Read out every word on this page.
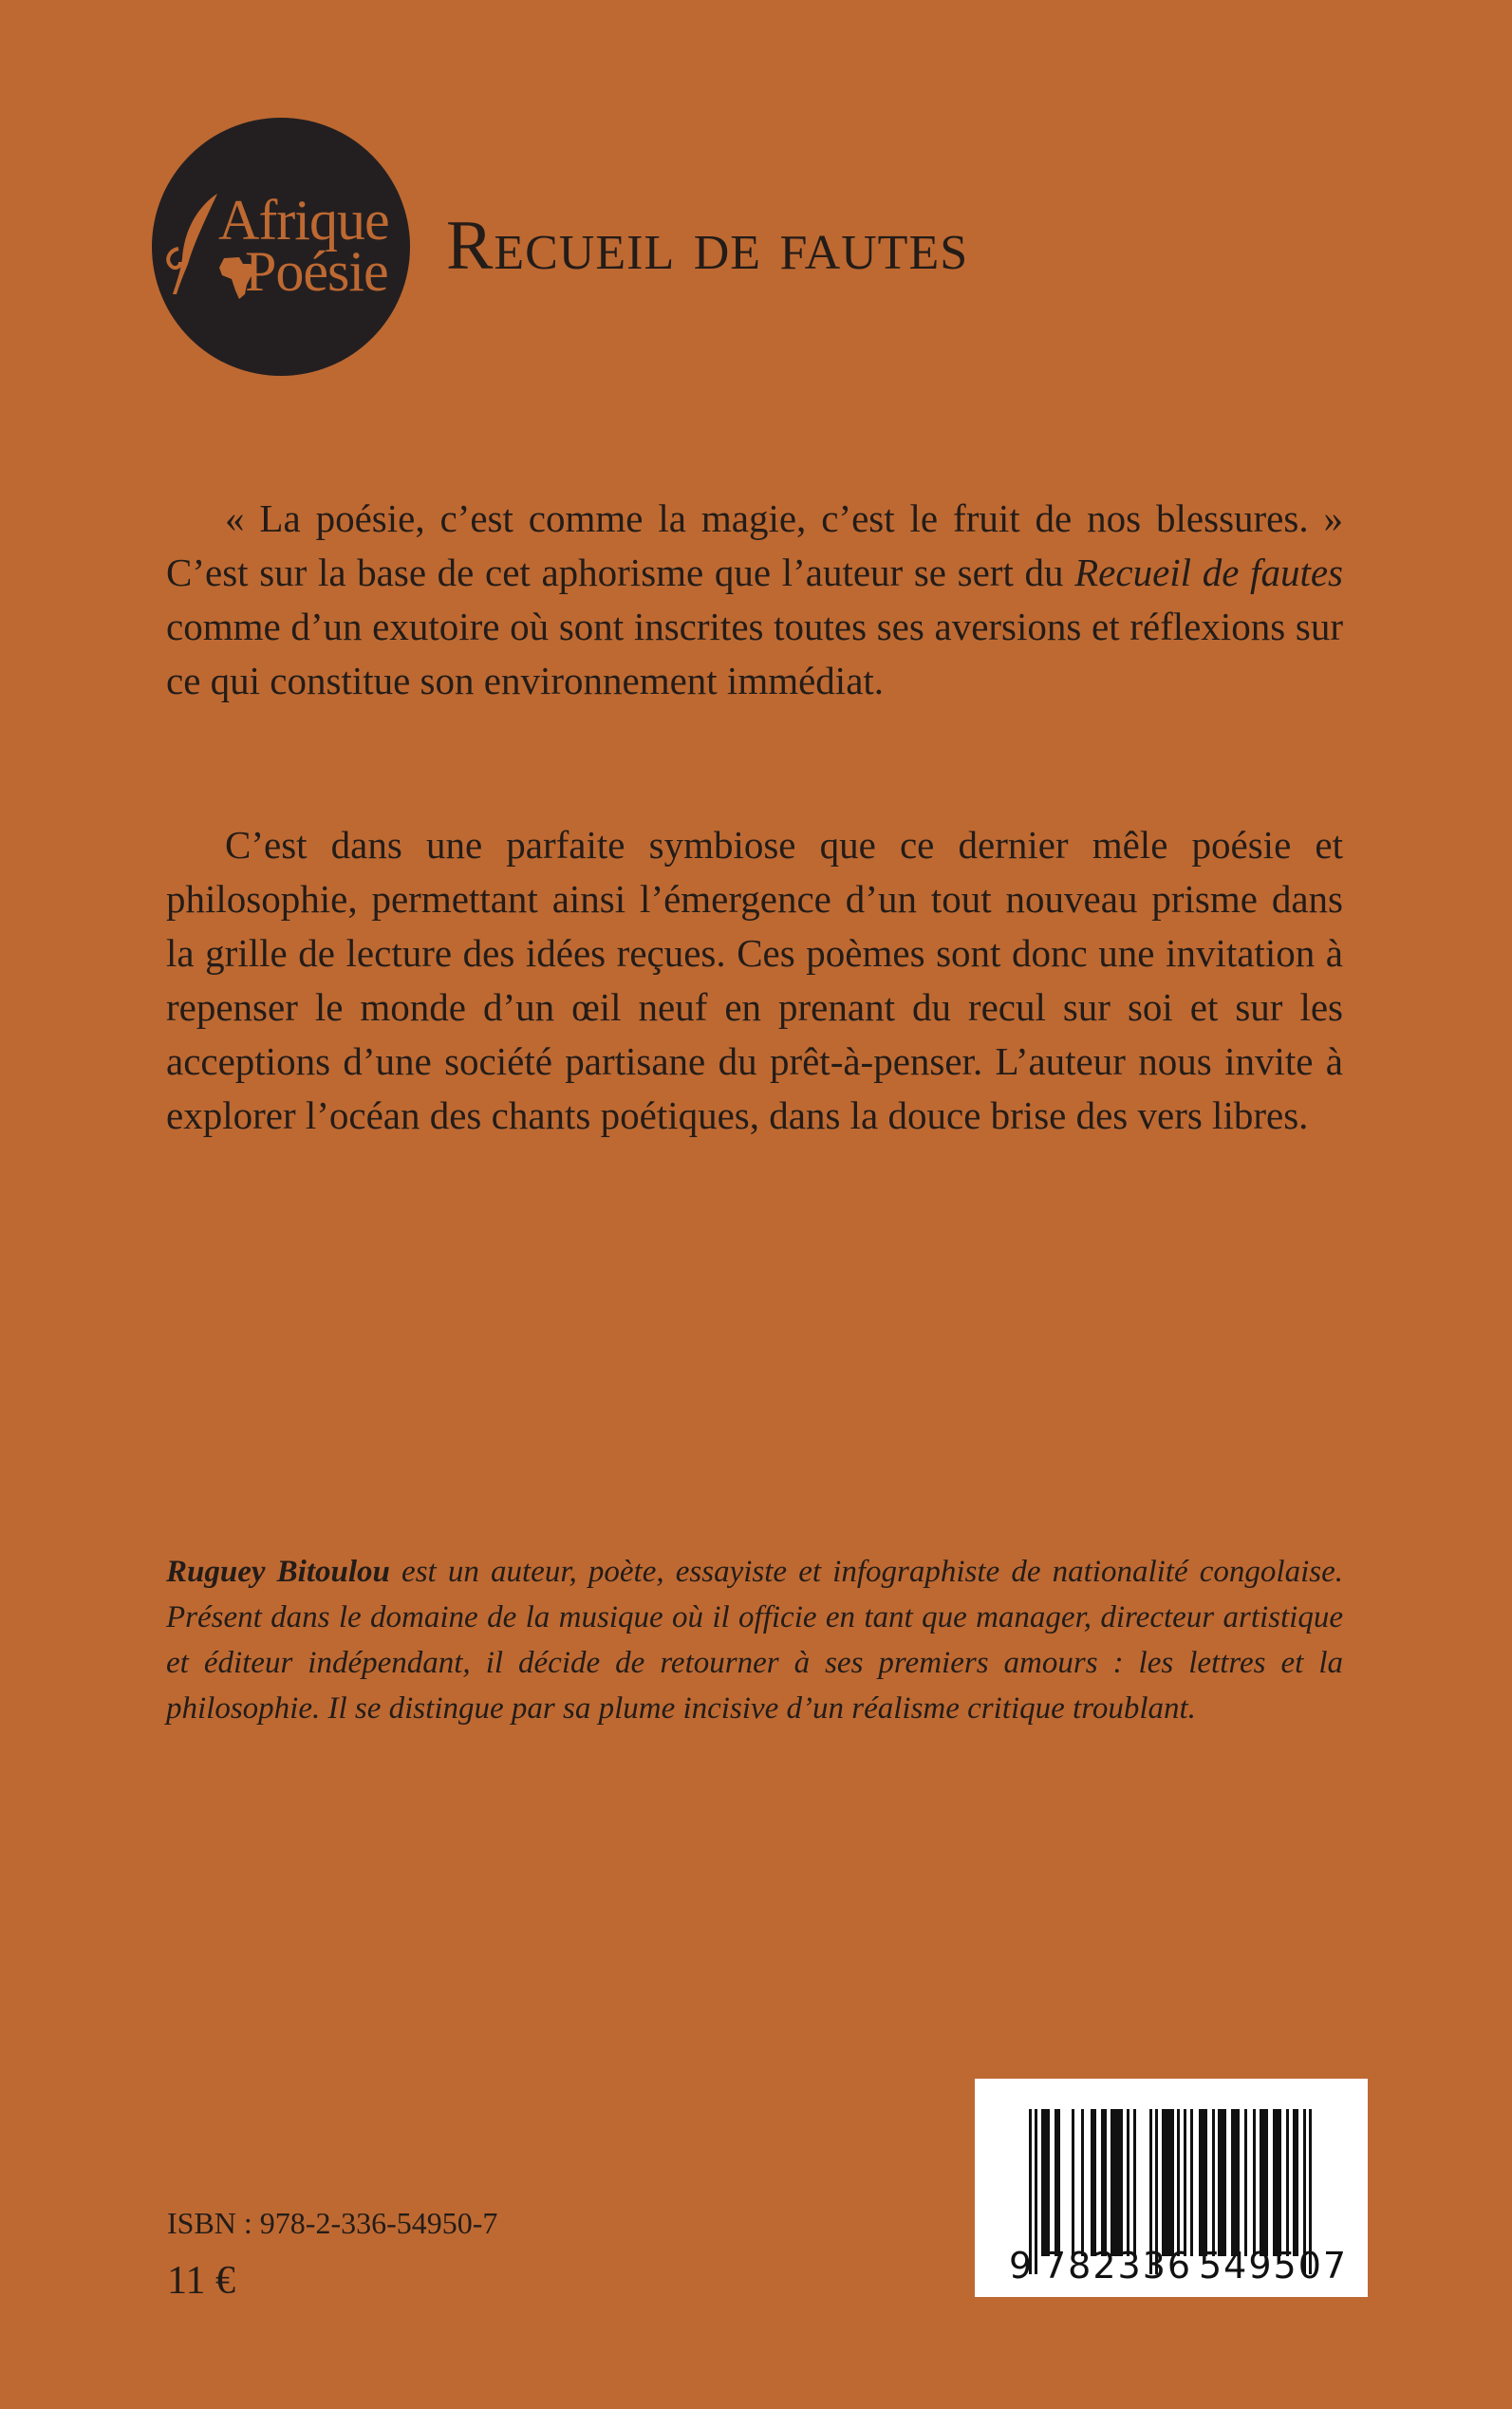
Afrique
Poésie Recueil de fautes

« La poésie, c’est comme la magie, c’est le fruit de nos blessures. » C’est sur la base de cet aphorisme que l’auteur se sert du Recueil de fautes comme d’un exutoire où sont inscrites toutes ses aversions et réflexions sur ce qui constitue son environnement immédiat.

C’est dans une parfaite symbiose que ce dernier mêle poésie et philosophie, permettant ainsi l’émergence d’un tout nouveau prisme dans la grille de lecture des idées reçues. Ces poèmes sont donc une invitation à repenser le monde d’un œil neuf en prenant du recul sur soi et sur les acceptions d’une société partisane du prêt-à-penser. L’auteur nous invite à explorer l’océan des chants poétiques, dans la douce brise des vers libres.

Ruguey Bitoulou est un auteur, poète, essayiste et infographiste de nationalité congolaise. Présent dans le domaine de la musique où il officie en tant que manager, directeur artistique et éditeur indépendant, il décide de retourner à ses premiers amours : les lettres et la philosophie. Il se distingue par sa plume incisive d’un réalisme critique troublant.
ISBN : 978-2-336-54950-7
11 €	9 782336 549507
